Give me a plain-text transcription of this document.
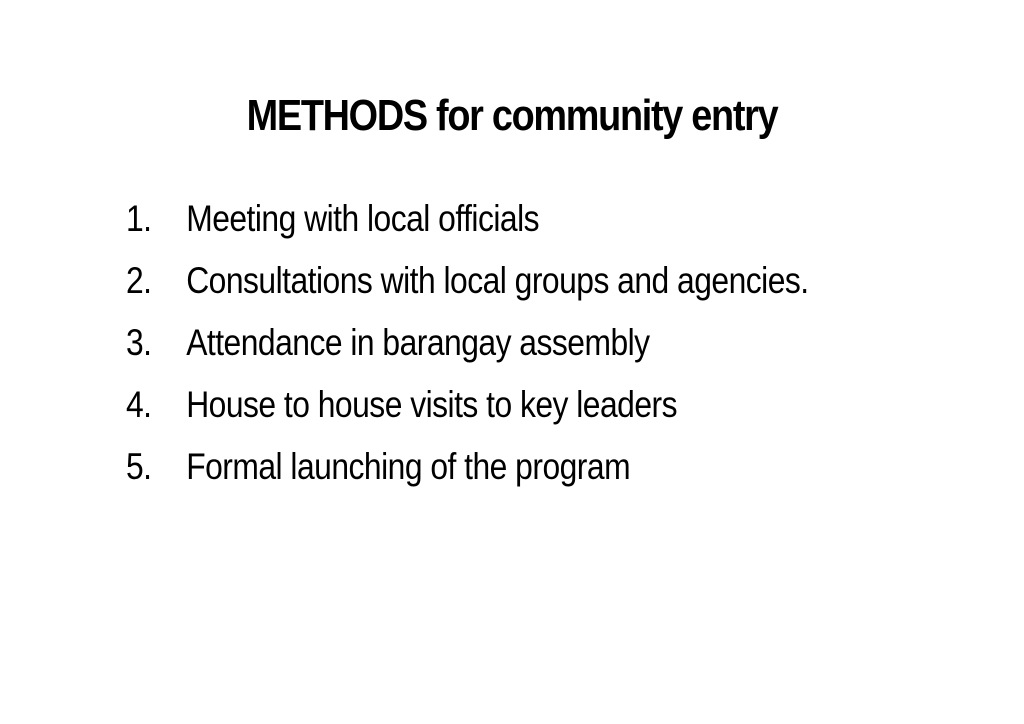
METHODS for community entry
1. Meeting with local officials
2. Consultations with local groups and agencies.
3. Attendance in barangay assembly
4. House to house visits to key leaders
5. Formal launching of the program
